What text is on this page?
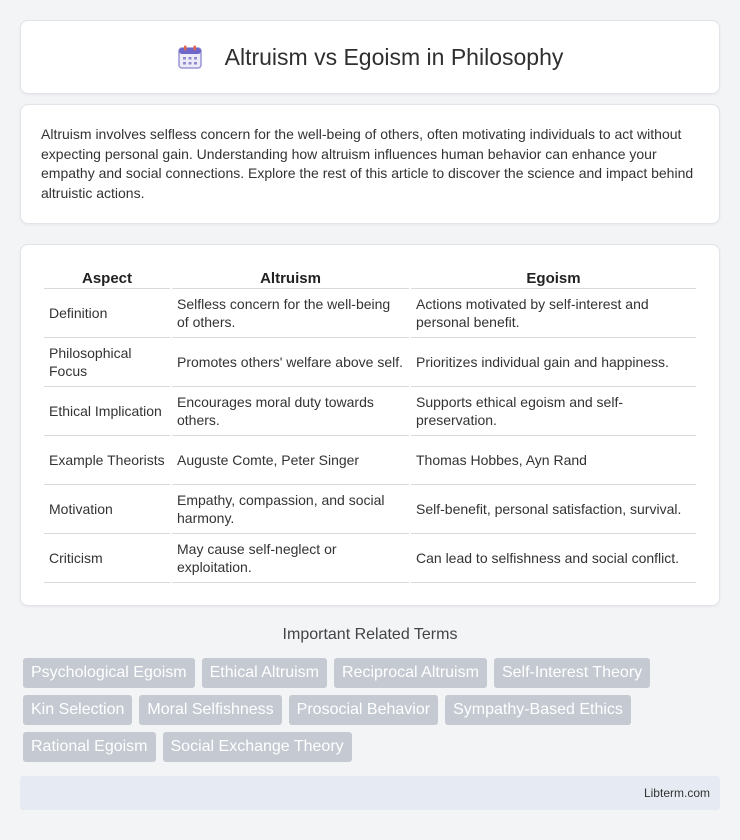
Altruism vs Egoism in Philosophy

Altruism involves selfless concern for the well-being of others, often motivating individuals to act without expecting personal gain. Understanding how altruism influences human behavior can enhance your empathy and social connections. Explore the rest of this article to discover the science and impact behind altruistic actions.

Aspect	Altruism	Egoism
Definition	Selfless concern for the well-being of others.	Actions motivated by self-interest and personal benefit.
Philosophical Focus	Promotes others' welfare above self.	Prioritizes individual gain and happiness.
Ethical Implication	Encourages moral duty towards others.	Supports ethical egoism and self-preservation.
Example Theorists	Auguste Comte, Peter Singer	Thomas Hobbes, Ayn Rand
Motivation	Empathy, compassion, and social harmony.	Self-benefit, personal satisfaction, survival.
Criticism	May cause self-neglect or exploitation.	Can lead to selfishness and social conflict.
Important Related Terms
Psychological Egoism	Ethical Altruism	Reciprocal Altruism	Self-Interest Theory
Kin Selection	Moral Selfishness	Prosocial Behavior	Sympathy-Based Ethics
Rational Egoism	Social Exchange Theory
Libterm.com
